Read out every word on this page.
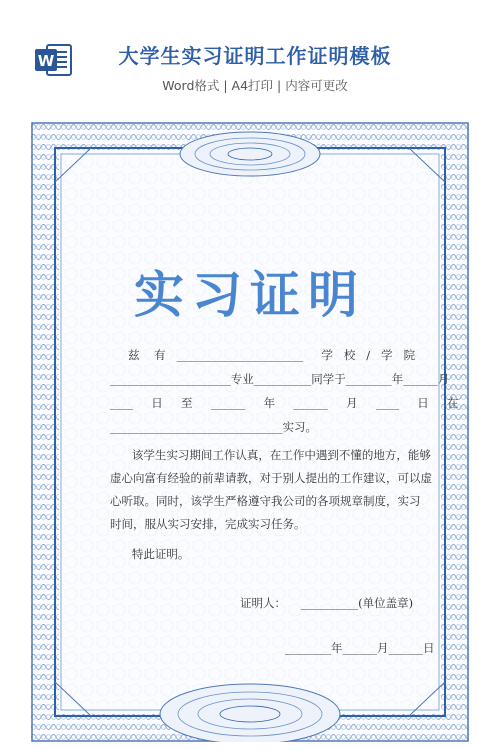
W	大学生实习证明工作证明模板
Word格式 | A4打印 | 内容可更改
实习证明
兹    有   ______________________     学   校   /   学   院
_____________________专业__________同学于________年______月
____     日     至     ______     年     ______     月     ____     日     在
______________________________实习。
该学生实习期间工作认真，在工作中遇到不懂的地方，能够
虚心向富有经验的前辈请教，对于别人提出的工作建议，可以虚
心听取。同时，该学生严格遵守我公司的各项规章制度，实习
时间，服从实习安排，完成实习任务。
特此证明。
证明人：    __________(单位盖章)
________年______月______日
